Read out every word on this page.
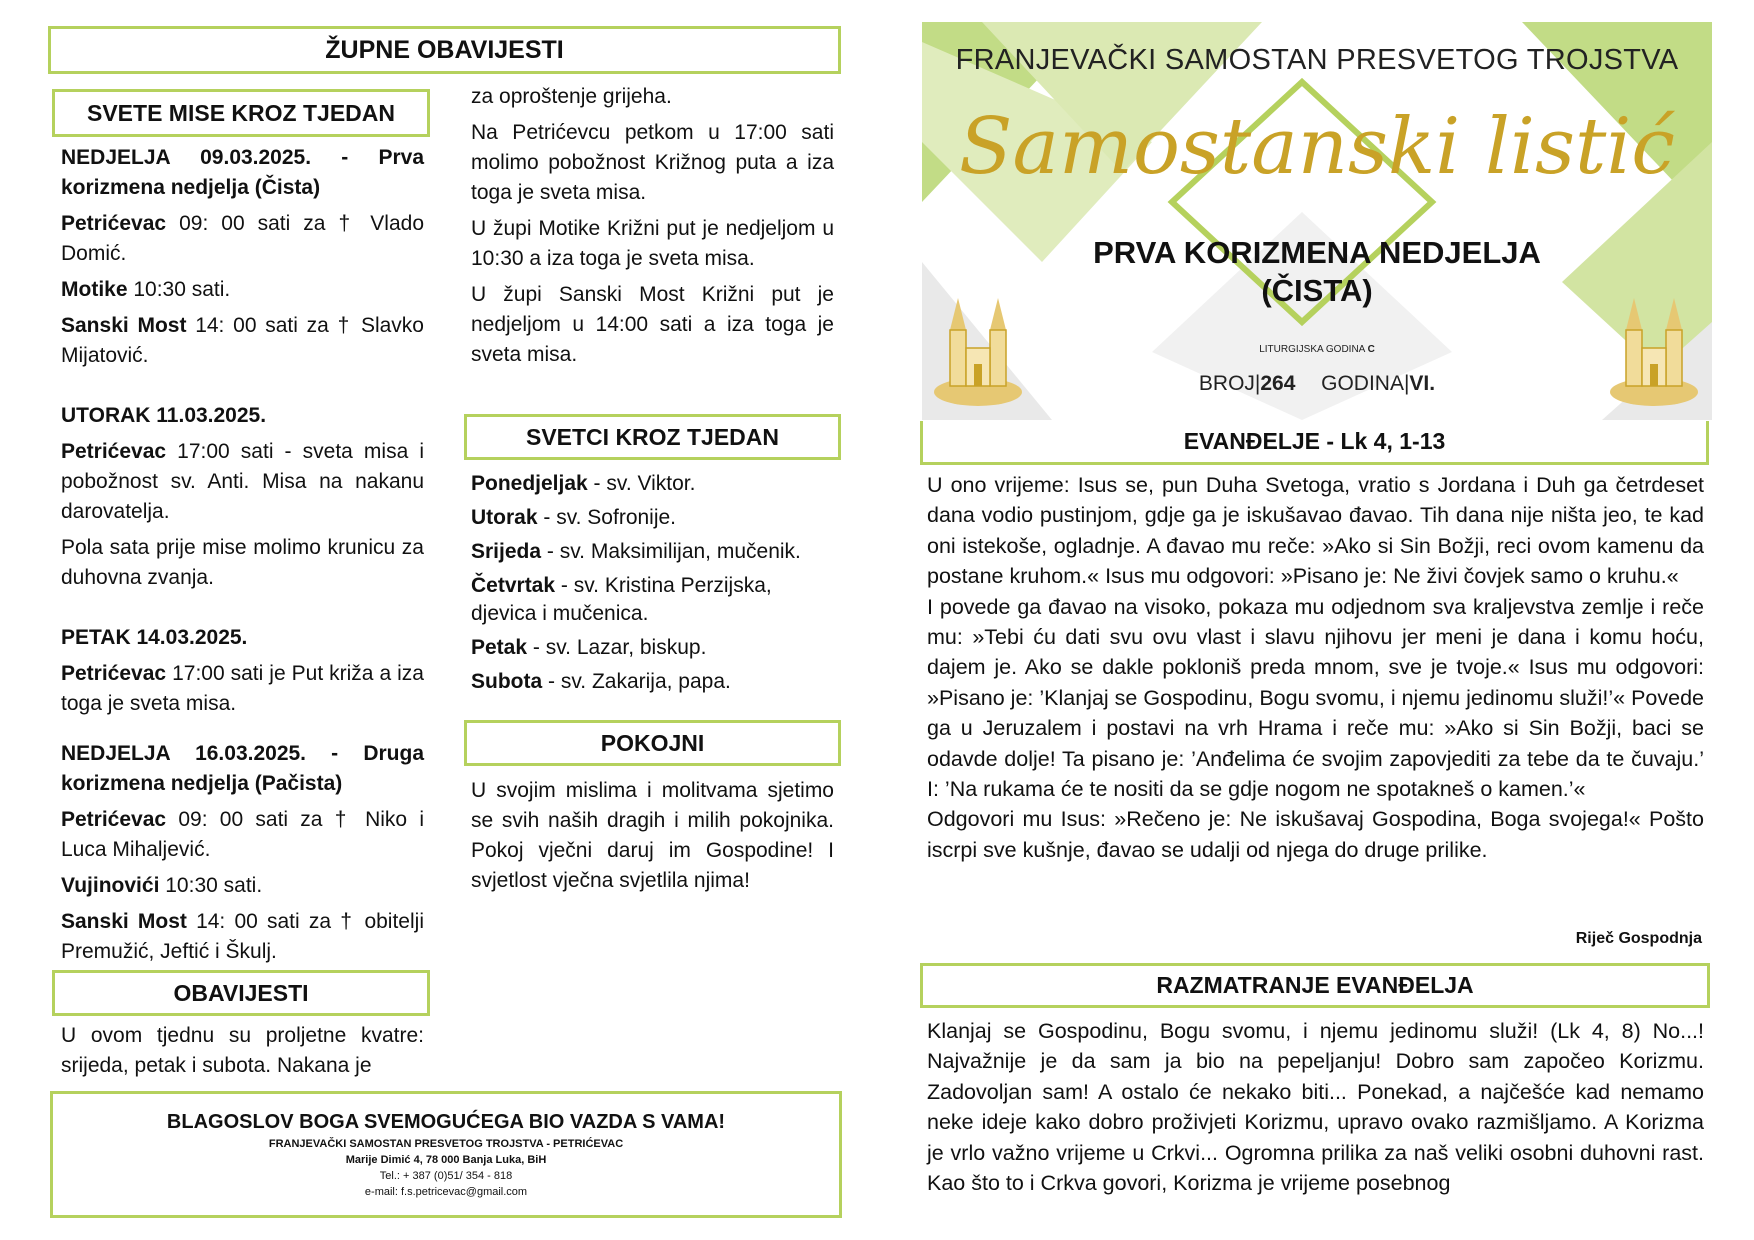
ŽUPNE OBAVIJESTI
SVETE MISE KROZ TJEDAN

NEDJELJA 09.03.2025. - Prva korizmena nedjelja (Čista)

Petrićevac 09: 00 sati za † Vlado Domić.

Motike 10:30 sati.

Sanski Most 14: 00 sati za † Slavko Mijatović.

UTORAK 11.03.2025.

Petrićevac 17:00 sati - sveta misa i pobožnost sv. Anti. Misa na nakanu darovatelja.

Pola sata prije mise molimo krunicu za duhovna zvanja.

PETAK 14.03.2025.

Petrićevac 17:00 sati je Put križa a iza toga je sveta misa.

NEDJELJA 16.03.2025. - Druga korizmena nedjelja (Pačista)

Petrićevac 09: 00 sati za † Niko i Luca Mihaljević.

Vujinovići 10:30 sati.

Sanski Most 14: 00 sati za † obitelji Premužić, Jeftić i Škulj.

OBAVIJESTI

U ovom tjednu su proljetne kvatre: srijeda, petak i subota. Nakana je

za oproštenje grijeha.

Na Petrićevcu petkom u 17:00 sati molimo pobožnost Križnog puta a iza toga je sveta misa.

U župi Motike Križni put je nedjeljom u 10:30 a iza toga je sveta misa.

U župi Sanski Most Križni put je nedjeljom u 14:00 sati a iza toga je sveta misa.

SVETCI KROZ TJEDAN

Ponedjeljak - sv. Viktor.

Utorak - sv. Sofronije.

Srijeda - sv. Maksimilijan, mučenik.

Četvrtak - sv. Kristina Perzijska, djevica i mučenica.

Petak - sv. Lazar, biskup.

Subota - sv. Zakarija, papa.

POKOJNI

U svojim mislima i molitvama sjetimo se svih naših dragih i milih pokojnika. Pokoj vječni daruj im Gospodine! I svjetlost vječna svjetlila njima!

BLAGOSLOV BOGA SVEMOGUĆEGA BIO VAZDA S VAMA!
FRANJEVAČKI SAMOSTAN PRESVETOG TROJSTVA - PETRIĆEVAC
Marije Dimić 4, 78 000 Banja Luka, BiH
Tel.: + 387 (0)51/ 354 - 818
e-mail: f.s.petricevac@gmail.com
FRANJEVAČKI SAMOSTAN PRESVETOG TROJSTVA
Samostanski listić
PRVA KORIZMENA NEDJELJA
(ČISTA)
LITURGIJSKA GODINA C
BROJ|264 GODINA|VI.
EVANĐELJE - Lk 4, 1-13

U ono vrijeme: Isus se, pun Duha Svetoga, vratio s Jordana i Duh ga četrdeset dana vodio pustinjom, gdje ga je iskušavao đavao. Tih dana nije ništa jeo, te kad oni istekoše, ogladnje. A đavao mu reče: »Ako si Sin Božji, reci ovom kamenu da postane kruhom.« Isus mu odgovori: »Pisano je: Ne živi čovjek samo o kruhu.«

I povede ga đavao na visoko, pokaza mu odjednom sva kraljevstva zemlje i reče mu: »Tebi ću dati svu ovu vlast i slavu njihovu jer meni je dana i komu hoću, dajem je. Ako se dakle pokloniš preda mnom, sve je tvoje.« Isus mu odgovori: »Pisano je: ’Klanjaj se Gospodinu, Bogu svomu, i njemu jedinomu služi!’« Povede ga u Jeruzalem i postavi na vrh Hrama i reče mu: »Ako si Sin Božji, baci se odavde dolje! Ta pisano je: ’Anđelima će svojim zapovjediti za tebe da te čuvaju.’ I: ’Na rukama će te nositi da se gdje nogom ne spotakneš o kamen.’«

Odgovori mu Isus: »Rečeno je: Ne iskušavaj Gospodina, Boga svojega!« Pošto iscrpi sve kušnje, đavao se udalji od njega do druge prilike.

Riječ Gospodnja
RAZMATRANJE EVANĐELJA

Klanjaj se Gospodinu, Bogu svomu, i njemu jedinomu služi! (Lk 4, 8) No...! Najvažnije je da sam ja bio na pepeljanju! Dobro sam započeo Korizmu. Zadovoljan sam! A ostalo će nekako biti... Ponekad, a najčešće kad nemamo neke ideje kako dobro proživjeti Korizmu, upravo ovako razmišljamo. A Korizma je vrlo važno vrijeme u Crkvi... Ogromna prilika za naš veliki osobni duhovni rast. Kao što to i Crkva govori, Korizma je vrijeme posebnog
